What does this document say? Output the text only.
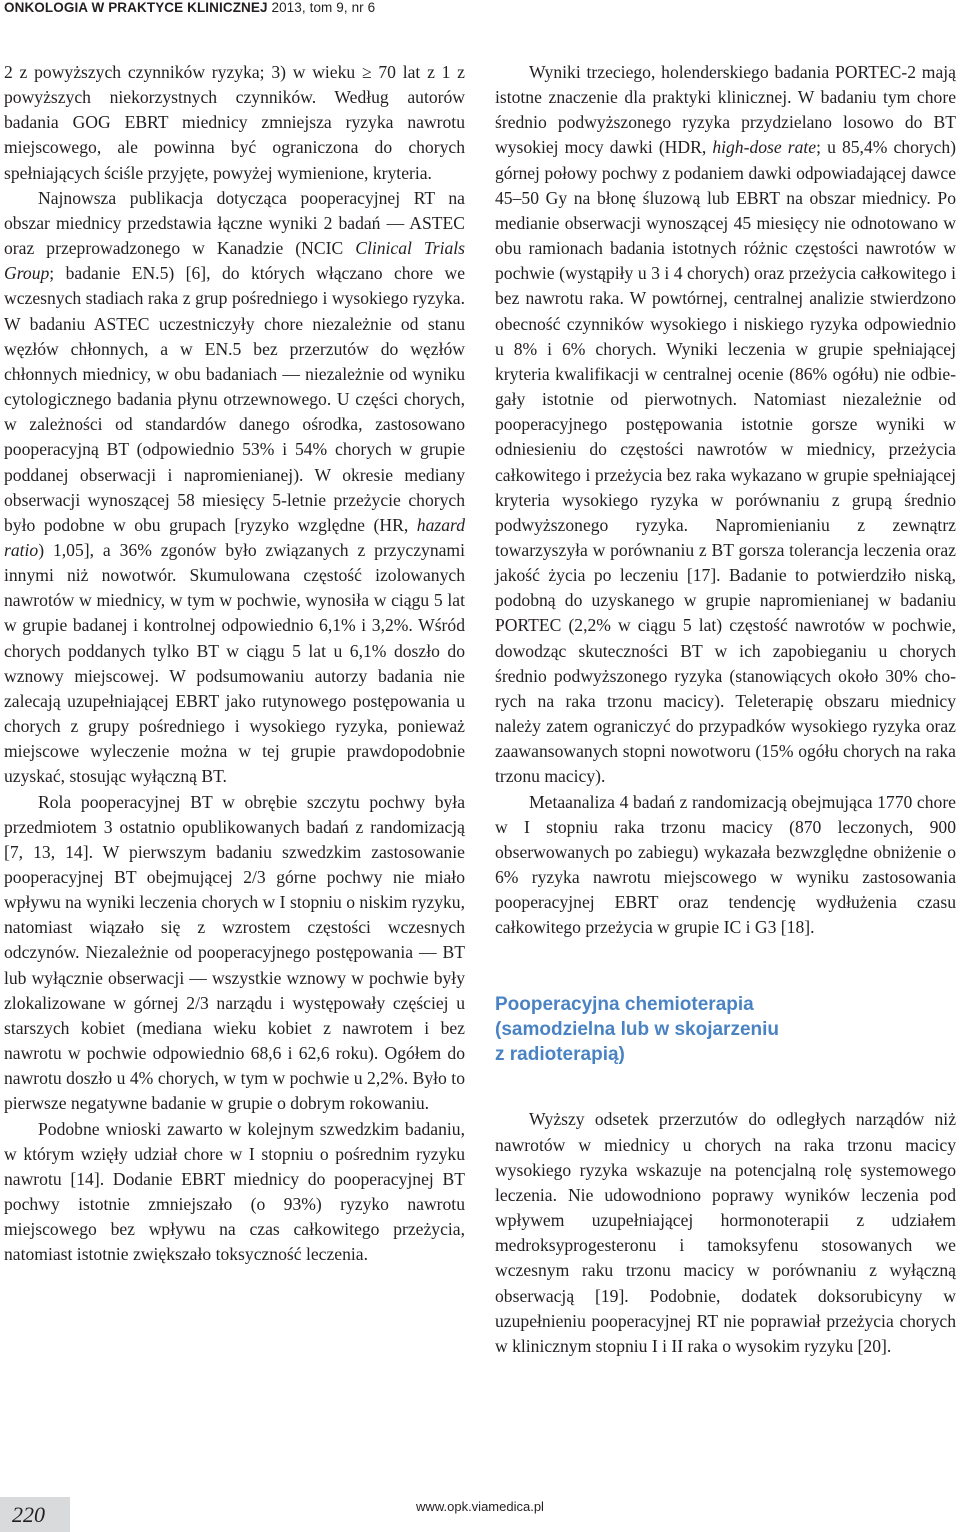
ONKOLOGIA W PRAKTYCE KLINICZNEJ 2013, tom 9, nr 6

2 z powyższych czynników ryzyka; 3) w wieku ≥ 70 lat z 1 z powyższych niekorzystnych czynników. Według autorów badania GOG EBRT miednicy zmniejsza ryzyka nawrotu miejscowego, ale powinna być ograniczona do chorych spełniających ściśle przyjęte, powyżej wymienione, kryteria.

Najnowsza publikacja dotycząca pooperacyjnej RT na obszar miednicy przedstawia łączne wyniki 2 badań — ASTEC oraz przeprowadzonego w Kanadzie (NCIC Clinical Trials Group; badanie EN.5) [6], do których włączano chore we wczesnych stadiach raka z grup pośredniego i wysokiego ryzyka. W badaniu ASTEC uczestniczyły chore niezależnie od stanu węzłów chłonnych, a w EN.5 bez przerzutów do węzłów chłonnych miednicy, w obu badaniach — niezależnie od wyniku cytologicznego badania płynu otrzewnowego. U części chorych, w zależności od standardów danego ośrodka, zastosowano pooperacyjną BT (odpowiednio 53% i 54% chorych w grupie poddanej obserwacji i napromienianej). W okresie mediany obserwacji wynoszącej 58 miesięcy 5-letnie przeżycie chorych było podobne w obu grupach [ryzyko względne (HR, hazard ratio) 1,05], a 36% zgonów było związanych z przyczynami innymi niż nowotwór. Skumulowana częstość izolowanych nawrotów w miednicy, w tym w pochwie, wynosiła w ciągu 5 lat w grupie badanej i kontrolnej odpowiednio 6,1% i 3,2%. Wśród chorych poddanych tylko BT w ciągu 5 lat u 6,1% doszło do wznowy miejscowej. W podsumowaniu autorzy badania nie zalecają uzupełniającej EBRT jako rutynowego postępowania u chorych z grupy pośredniego i wysokiego ryzyka, ponieważ miejscowe wyleczenie można w tej grupie prawdopodobnie uzyskać, stosując wyłączną BT.

Rola pooperacyjnej BT w obrębie szczytu pochwy była przedmiotem 3 ostatnio opublikowanych badań z randomizacją [7, 13, 14]. W pierwszym badaniu szwedzkim zastosowanie pooperacyjnej BT obejmującej 2/3 górne pochwy nie miało wpływu na wyniki leczenia chorych w I stopniu o niskim ryzyku, natomiast wiązało się z wzrostem częstości wczesnych odczynów. Niezależnie od pooperacyjnego postępowania — BT lub wyłącznie obserwacji — wszystkie wznowy w pochwie były zlokalizowane w górnej 2/3 narządu i występowały częściej u starszych kobiet (mediana wieku kobiet z nawrotem i bez nawrotu w pochwie odpowiednio 68,6 i 62,6 roku). Ogółem do nawrotu doszło u 4% chorych, w tym w pochwie u 2,2%. Było to pierwsze negatywne badanie w grupie o dobrym rokowaniu.

Podobne wnioski zawarto w kolejnym szwedzkim badaniu, w którym wzięły udział chore w I stopniu o pośrednim ryzyku nawrotu [14]. Dodanie EBRT miednicy do pooperacyjnej BT pochwy istotnie zmniejszało (o 93%) ryzyko nawrotu miejscowego bez wpływu na czas całkowitego przeżycia, natomiast istotnie zwiększało toksyczność leczenia.

Wyniki trzeciego, holenderskiego badania PORTEC-2 mają istotne znaczenie dla praktyki klinicznej. W badaniu tym chore średnio podwyższonego ryzyka przydzielano losowo do BT wysokiej mocy dawki (HDR, high-dose rate; u 85,4% chorych) górnej połowy pochwy z podaniem dawki odpowiadającej dawce 45–50 Gy na błonę śluzową lub EBRT na obszar miednicy. Po medianie obserwacji wynoszącej 45 miesięcy nie odnotowano w obu ramionach badania istotnych różnic częstości nawrotów w pochwie (wystąpiły u 3 i 4 chorych) oraz przeżycia całkowitego i bez nawrotu raka. W powtórnej, centralnej analizie stwierdzono obecność czynników wysokiego i niskiego ryzyka odpowiednio u 8% i 6% chorych. Wyniki leczenia w grupie spełniającej kryteria kwalifikacji w centralnej ocenie (86% ogółu) nie odbiegały istotnie od pierwotnych. Natomiast niezależnie od pooperacyjnego postępowania istotnie gorsze wyniki w odniesieniu do częstości nawrotów w miednicy, przeżycia całkowitego i przeżycia bez raka wykazano w grupie spełniającej kryteria wysokiego ryzyka w porównaniu z grupą średnio podwyższonego ryzyka. Napromienianiu z zewnątrz towarzyszyła w porównaniu z BT gorsza tolerancja leczenia oraz jakość życia po leczeniu [17]. Badanie to potwierdziło niską, podobną do uzyskanego w grupie napromienianej w badaniu PORTEC (2,2% w ciągu 5 lat) częstość nawrotów w pochwie, dowodząc skuteczności BT w ich zapobieganiu u chorych średnio podwyższonego ryzyka (stanowiących około 30% chorych na raka trzonu macicy). Teleterapię obszaru miednicy należy zatem ograniczyć do przypadków wysokiego ryzyka oraz zaawansowanych stopni nowotworu (15% ogółu chorych na raka trzonu macicy).

Metaanaliza 4 badań z randomizacją obejmująca 1770 chore w I stopniu raka trzonu macicy (870 leczonych, 900 obserwowanych po zabiegu) wykazała bezwzględne obniżenie o 6% ryzyka nawrotu miejscowego w wyniku zastosowania pooperacyjnej EBRT oraz tendencję wydłużenia czasu całkowitego przeżycia w grupie IC i G3 [18].

Pooperacyjna chemioterapia
(samodzielna lub w skojarzeniu
z radioterapią)

Wyższy odsetek przerzutów do odległych narządów niż nawrotów w miednicy u chorych na raka trzonu macicy wysokiego ryzyka wskazuje na potencjalną rolę systemowego leczenia. Nie udowodniono poprawy wyników leczenia pod wpływem uzupełniającej hormonoterapii z udziałem medroksyprogesteronu i tamoksyfenu stosowanych we wczesnym raku trzonu macicy w porównaniu z wyłączną obserwacją [19]. Podobnie, dodatek doksorubicyny w uzupełnieniu pooperacyjnej RT nie poprawiał przeżycia chorych w klinicznym stopniu I i II raka o wysokim ryzyku [20].

220	www.opk.viamedica.pl
